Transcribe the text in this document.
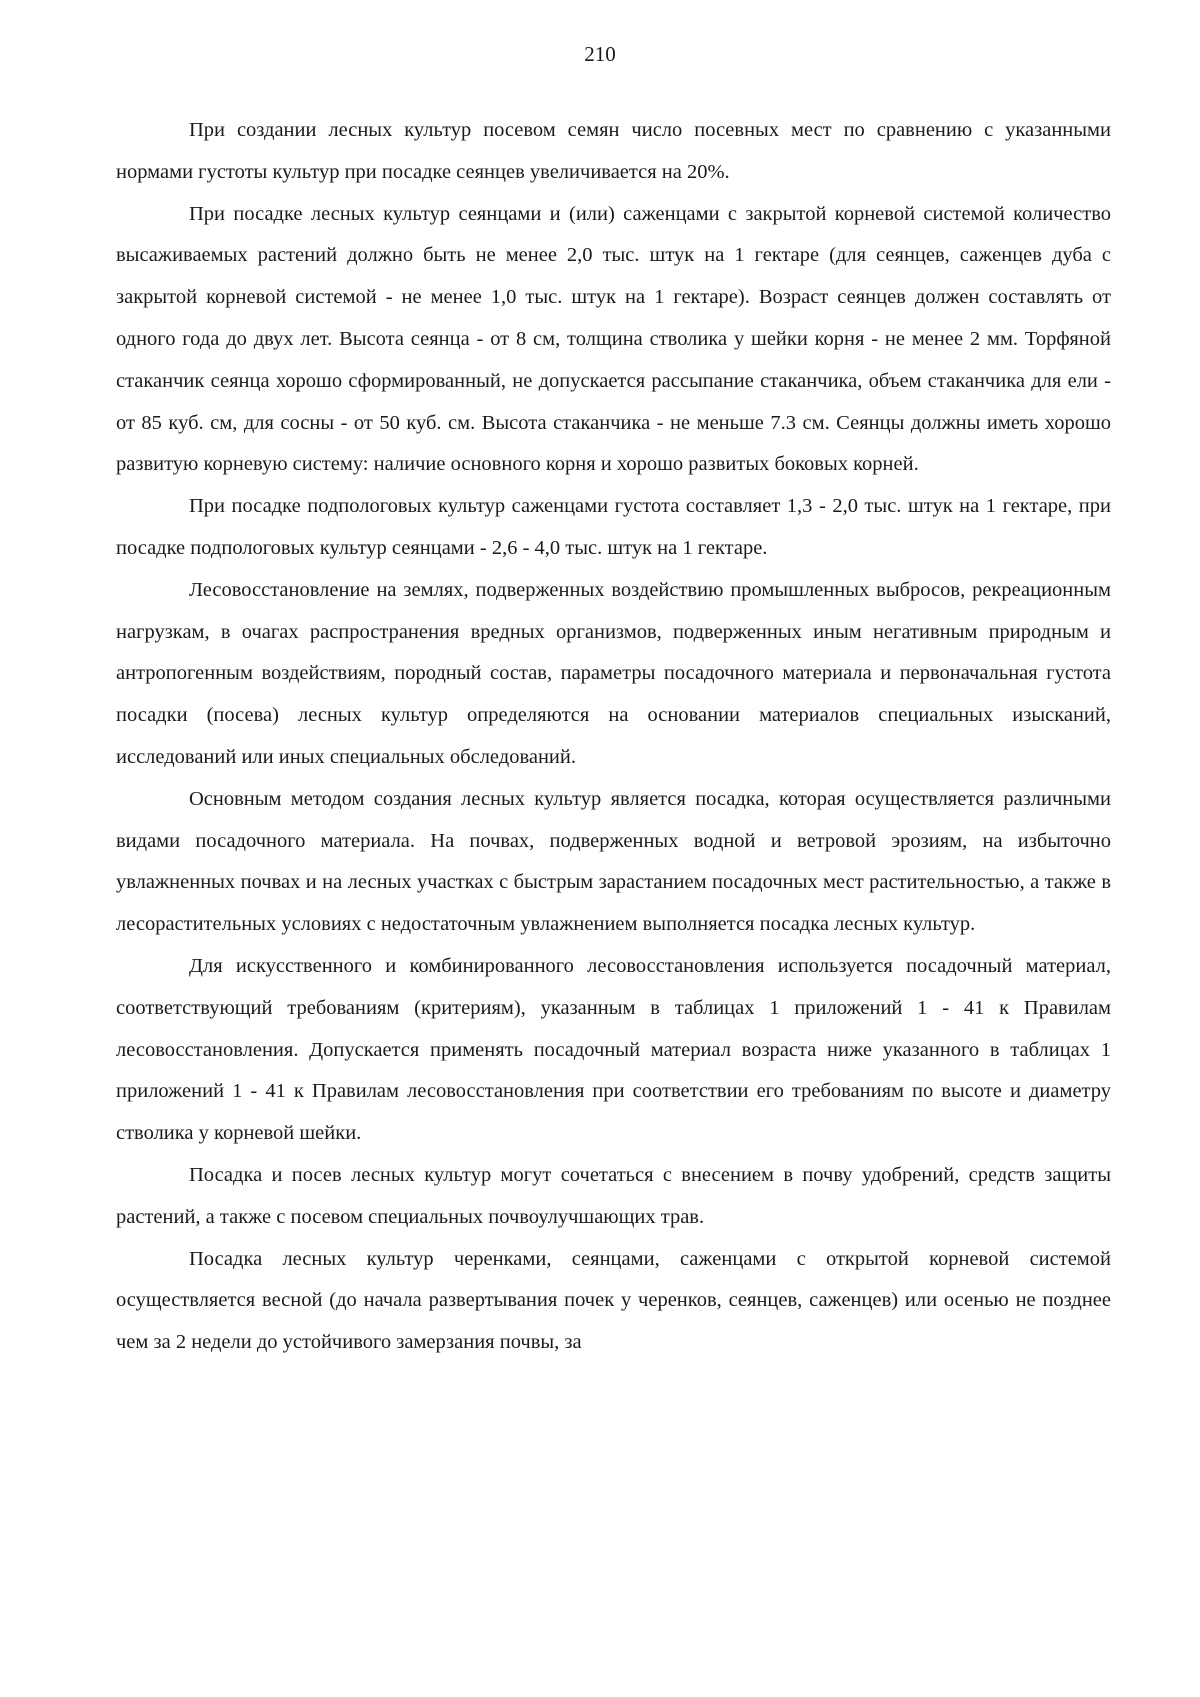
210

При создании лесных культур посевом семян число посевных мест по сравнению с указанными нормами густоты культур при посадке сеянцев увеличивается на 20%.

При посадке лесных культур сеянцами и (или) саженцами с закрытой корневой системой количество высаживаемых растений должно быть не менее 2,0 тыс. штук на 1 гектаре (для сеянцев, саженцев дуба с закрытой корневой системой - не менее 1,0 тыс. штук на 1 гектаре). Возраст сеянцев должен составлять от одного года до двух лет. Высота сеянца - от 8 см, толщина стволика у шейки корня - не менее 2 мм. Торфяной стаканчик сеянца хорошо сформированный, не допускается рассыпание стаканчика, объем стаканчика для ели - от 85 куб. см, для сосны - от 50 куб. см. Высота стаканчика - не меньше 7.3 см. Сеянцы должны иметь хорошо развитую корневую систему: наличие основного корня и хорошо развитых боковых корней.

При посадке подпологовых культур саженцами густота составляет 1,3 - 2,0 тыс. штук на 1 гектаре, при посадке подпологовых культур сеянцами - 2,6 - 4,0 тыс. штук на 1 гектаре.

Лесовосстановление на землях, подверженных воздействию промышленных выбросов, рекреационным нагрузкам, в очагах распространения вредных организмов, подверженных иным негативным природным и антропогенным воздействиям, породный состав, параметры посадочного материала и первоначальная густота посадки (посева) лесных культур определяются на основании материалов специальных изысканий, исследований или иных специальных обследований.

Основным методом создания лесных культур является посадка, которая осуществляется различными видами посадочного материала. На почвах, подверженных водной и ветровой эрозиям, на избыточно увлажненных почвах и на лесных участках с быстрым зарастанием посадочных мест растительностью, а также в лесорастительных условиях с недостаточным увлажнением выполняется посадка лесных культур.

Для искусственного и комбинированного лесовосстановления используется посадочный материал, соответствующий требованиям (критериям), указанным в таблицах 1 приложений 1 - 41 к Правилам лесовосстановления. Допускается применять посадочный материал возраста ниже указанного в таблицах 1 приложений 1 - 41 к Правилам лесовосстановления при соответствии его требованиям по высоте и диаметру стволика у корневой шейки.

Посадка и посев лесных культур могут сочетаться с внесением в почву удобрений, средств защиты растений, а также с посевом специальных почвоулучшающих трав.

Посадка лесных культур черенками, сеянцами, саженцами с открытой корневой системой осуществляется весной (до начала развертывания почек у черенков, сеянцев, саженцев) или осенью не позднее чем за 2 недели до устойчивого замерзания почвы, за
